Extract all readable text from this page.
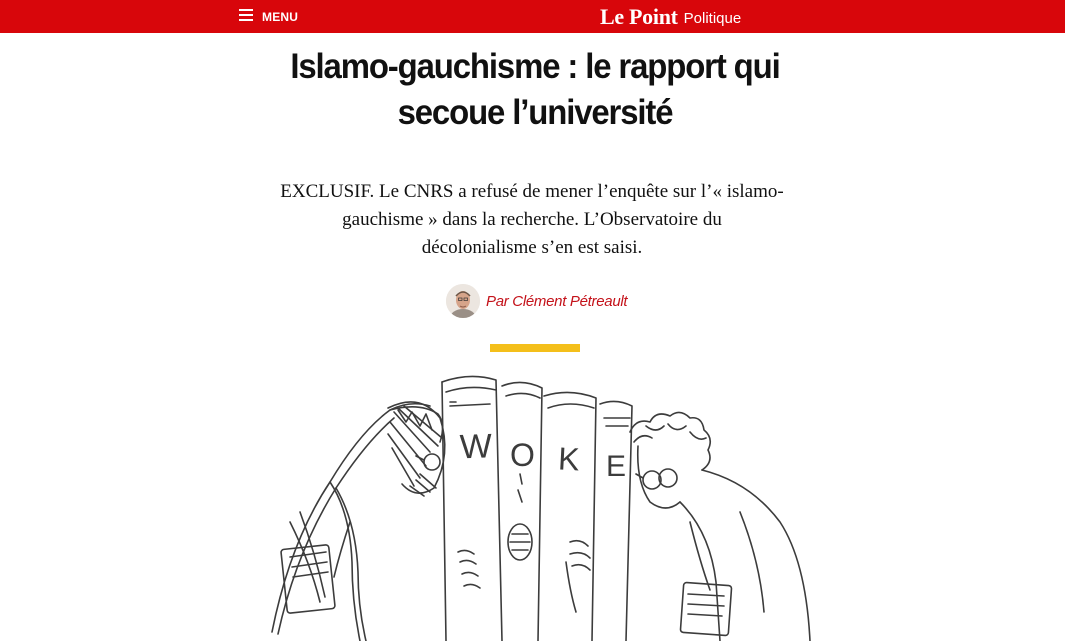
MENU	Le Point Politique
Islamo-gauchisme : le rapport qui
secoue l’université

EXCLUSIF. Le CNRS a refusé de mener l’enquête sur l’« islamo-
gauchisme » dans la recherche. L’Observatoire du
décolonialisme s’en est saisi.

Par Clément Pétreault
W O K E
